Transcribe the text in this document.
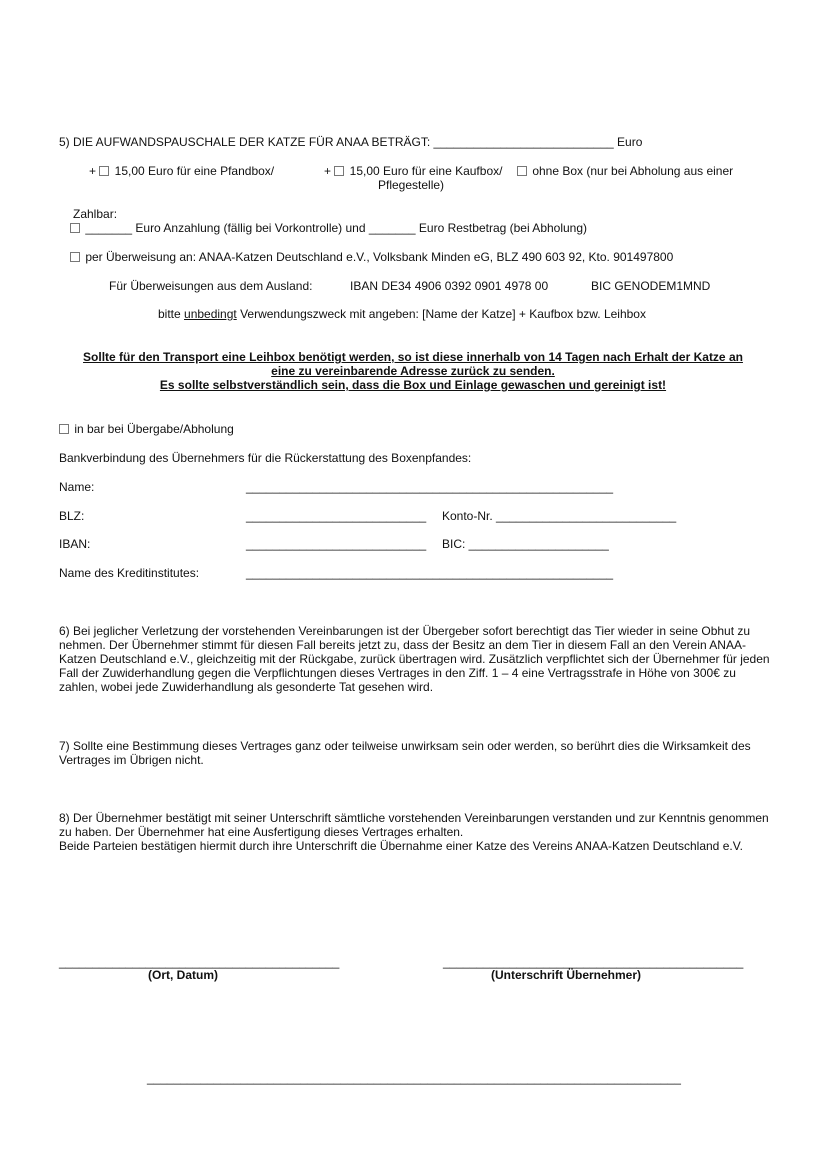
5) DIE AUFWANDSPAUSCHALE DER KATZE FÜR ANAA BETRÄGT: ___________________________ Euro
+  15,00 Euro für eine Pfandbox/	+  15,00 Euro für eine Kaufbox/	ohne Box (nur bei Abholung aus einer
Pflegestelle)
Zahlbar:
_______ Euro Anzahlung (fällig bei Vorkontrolle) und _______ Euro Restbetrag (bei Abholung)
per Überweisung an: ANAA-Katzen Deutschland e.V., Volksbank Minden eG, BLZ 490 603 92, Kto. 901497800
Für Überweisungen aus dem Ausland:	IBAN DE34 4906 0392 0901 4978 00	BIC GENODEM1MND
bitte unbedingt Verwendungszweck mit angeben: [Name der Katze] + Kaufbox bzw. Leihbox
Sollte für den Transport eine Leihbox benötigt werden, so ist diese innerhalb von 14 Tagen nach Erhalt der Katze an
eine zu vereinbarende Adresse zurück zu senden.
Es sollte selbstverständlich sein, dass die Box und Einlage gewaschen und gereinigt ist!
in bar bei Übergabe/Abholung
Bankverbindung des Übernehmers für die Rückerstattung des Boxenpfandes:
Name:	_______________________________________________________
BLZ:	___________________________ Konto-Nr. ___________________________
IBAN:	___________________________ BIC: _____________________
Name des Kreditinstitutes:	_______________________________________________________
6) Bei jeglicher Verletzung der vorstehenden Vereinbarungen ist der Übergeber sofort berechtigt das Tier wieder in seine Obhut zu nehmen. Der Übernehmer stimmt für diesen Fall bereits jetzt zu, dass der Besitz an dem Tier in diesem Fall an den Verein ANAA-Katzen Deutschland e.V., gleichzeitig mit der Rückgabe, zurück übertragen wird. Zusätzlich verpflichtet sich der Übernehmer für jeden Fall der Zuwiderhandlung gegen die Verpflichtungen dieses Vertrages in den Ziff. 1 – 4 eine Vertragsstrafe in Höhe von 300€ zu zahlen, wobei jede Zuwiderhandlung als gesonderte Tat gesehen wird.
7) Sollte eine Bestimmung dieses Vertrages ganz oder teilweise unwirksam sein oder werden, so berührt dies die Wirksamkeit des Vertrages im Übrigen nicht.
8) Der Übernehmer bestätigt mit seiner Unterschrift sämtliche vorstehenden Vereinbarungen verstanden und zur Kenntnis genommen zu haben. Der Übernehmer hat eine Ausfertigung dieses Vertrages erhalten.
Beide Parteien bestätigen hiermit durch ihre Unterschrift die Übernahme einer Katze des Vereins ANAA-Katzen Deutschland e.V.
__________________________________________
(Ort, Datum)
_____________________________________________
(Unterschrift Übernehmer)
________________________________________________________________________________
